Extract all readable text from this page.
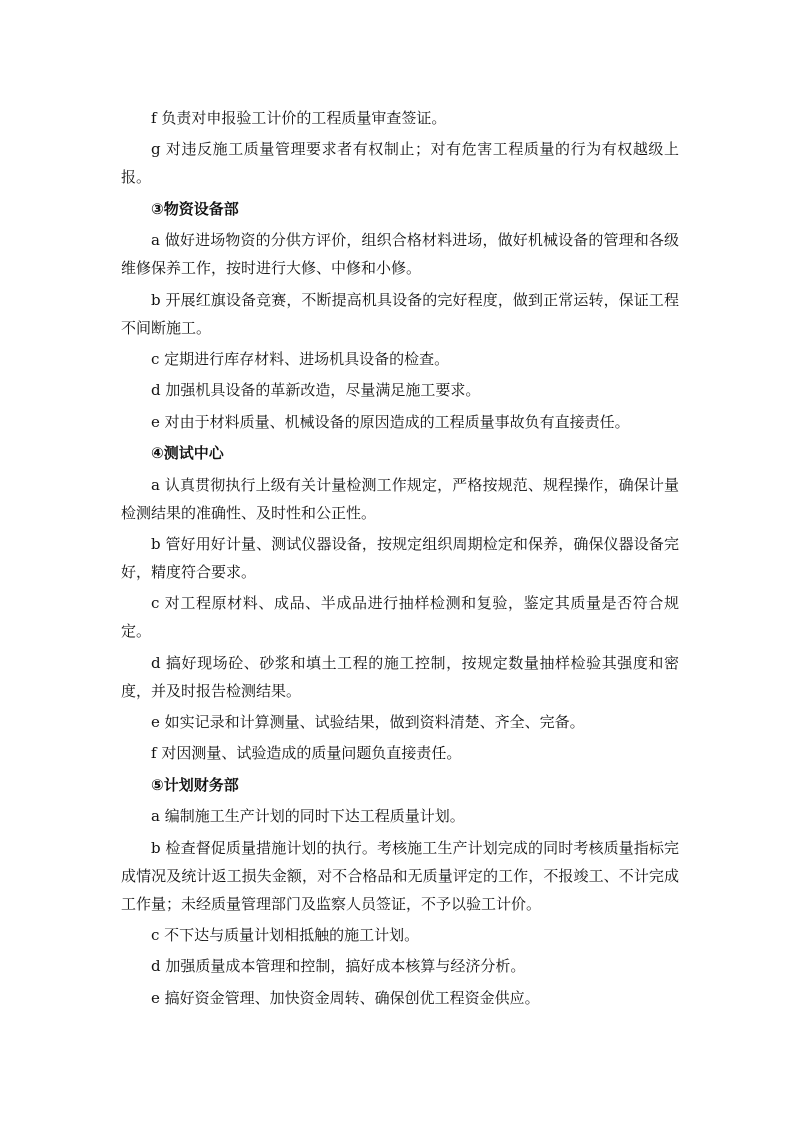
f 负责对申报验工计价的工程质量审查签证。

g 对违反施工质量管理要求者有权制止；对有危害工程质量的行为有权越级上报。

③物资设备部

a 做好进场物资的分供方评价，组织合格材料进场，做好机械设备的管理和各级维修保养工作，按时进行大修、中修和小修。

b 开展红旗设备竞赛，不断提高机具设备的完好程度，做到正常运转，保证工程不间断施工。

c 定期进行库存材料、进场机具设备的检查。

d 加强机具设备的革新改造，尽量满足施工要求。

e 对由于材料质量、机械设备的原因造成的工程质量事故负有直接责任。

④测试中心

a 认真贯彻执行上级有关计量检测工作规定，严格按规范、规程操作，确保计量检测结果的准确性、及时性和公正性。

b 管好用好计量、测试仪器设备，按规定组织周期检定和保养，确保仪器设备完好，精度符合要求。

c 对工程原材料、成品、半成品进行抽样检测和复验，鉴定其质量是否符合规定。

d 搞好现场砼、砂浆和填土工程的施工控制，按规定数量抽样检验其强度和密度，并及时报告检测结果。

e 如实记录和计算测量、试验结果，做到资料清楚、齐全、完备。

f 对因测量、试验造成的质量问题负直接责任。

⑤计划财务部

a 编制施工生产计划的同时下达工程质量计划。

b 检查督促质量措施计划的执行。考核施工生产计划完成的同时考核质量指标完成情况及统计返工损失金额，对不合格品和无质量评定的工作，不报竣工、不计完成工作量；未经质量管理部门及监察人员签证，不予以验工计价。

c 不下达与质量计划相抵触的施工计划。

d 加强质量成本管理和控制，搞好成本核算与经济分析。

e 搞好资金管理、加快资金周转、确保创优工程资金供应。
